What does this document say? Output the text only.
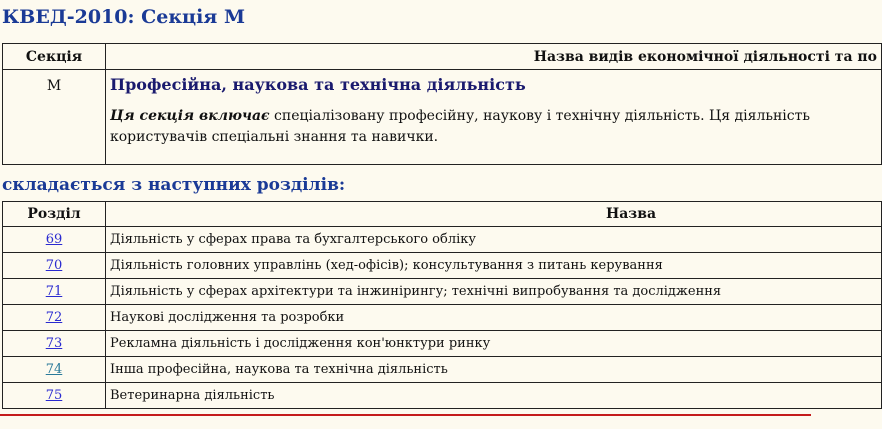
КВЕД-2010: Секція M
Секція	Назва видів економічної діяльності та по
M	Професійна, наукова та технічна діяльність

Ця секція включає спеціалізовану професійну, наукову і технічну діяльність. Ця діяльність
користувачів спеціальні знання та навички.

складається з наступних розділів:
Розділ	Назва
69	Діяльність у сферах права та бухгалтерського обліку
70	Діяльність головних управлінь (хед-офісів); консультування з питань керування
71	Діяльність у сферах архітектури та інжинірингу; технічні випробування та дослідження
72	Наукові дослідження та розробки
73	Рекламна діяльність і дослідження кон'юнктури ринку
74	Інша професійна, наукова та технічна діяльність
75	Ветеринарна діяльність
